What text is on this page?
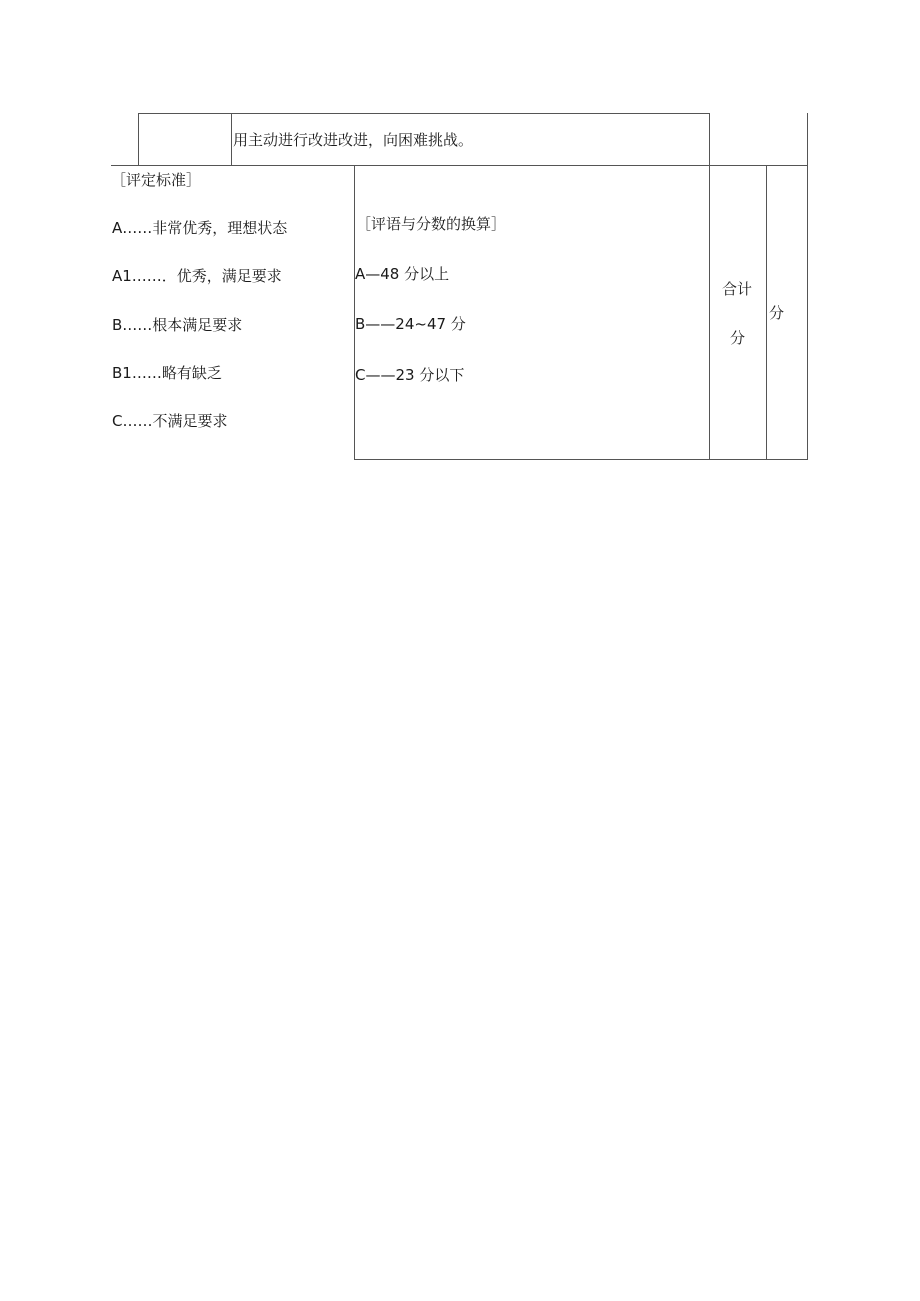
用主动进行改进改进，向困难挑战。
［评定标准］
A……非常优秀，理想状态
A1……．优秀，满足要求
B……根本满足要求
B1……略有缺乏
C……不满足要求
［评语与分数的换算］
A—48 分以上
B——24~47 分
C——23 分以下
合计
分
分
